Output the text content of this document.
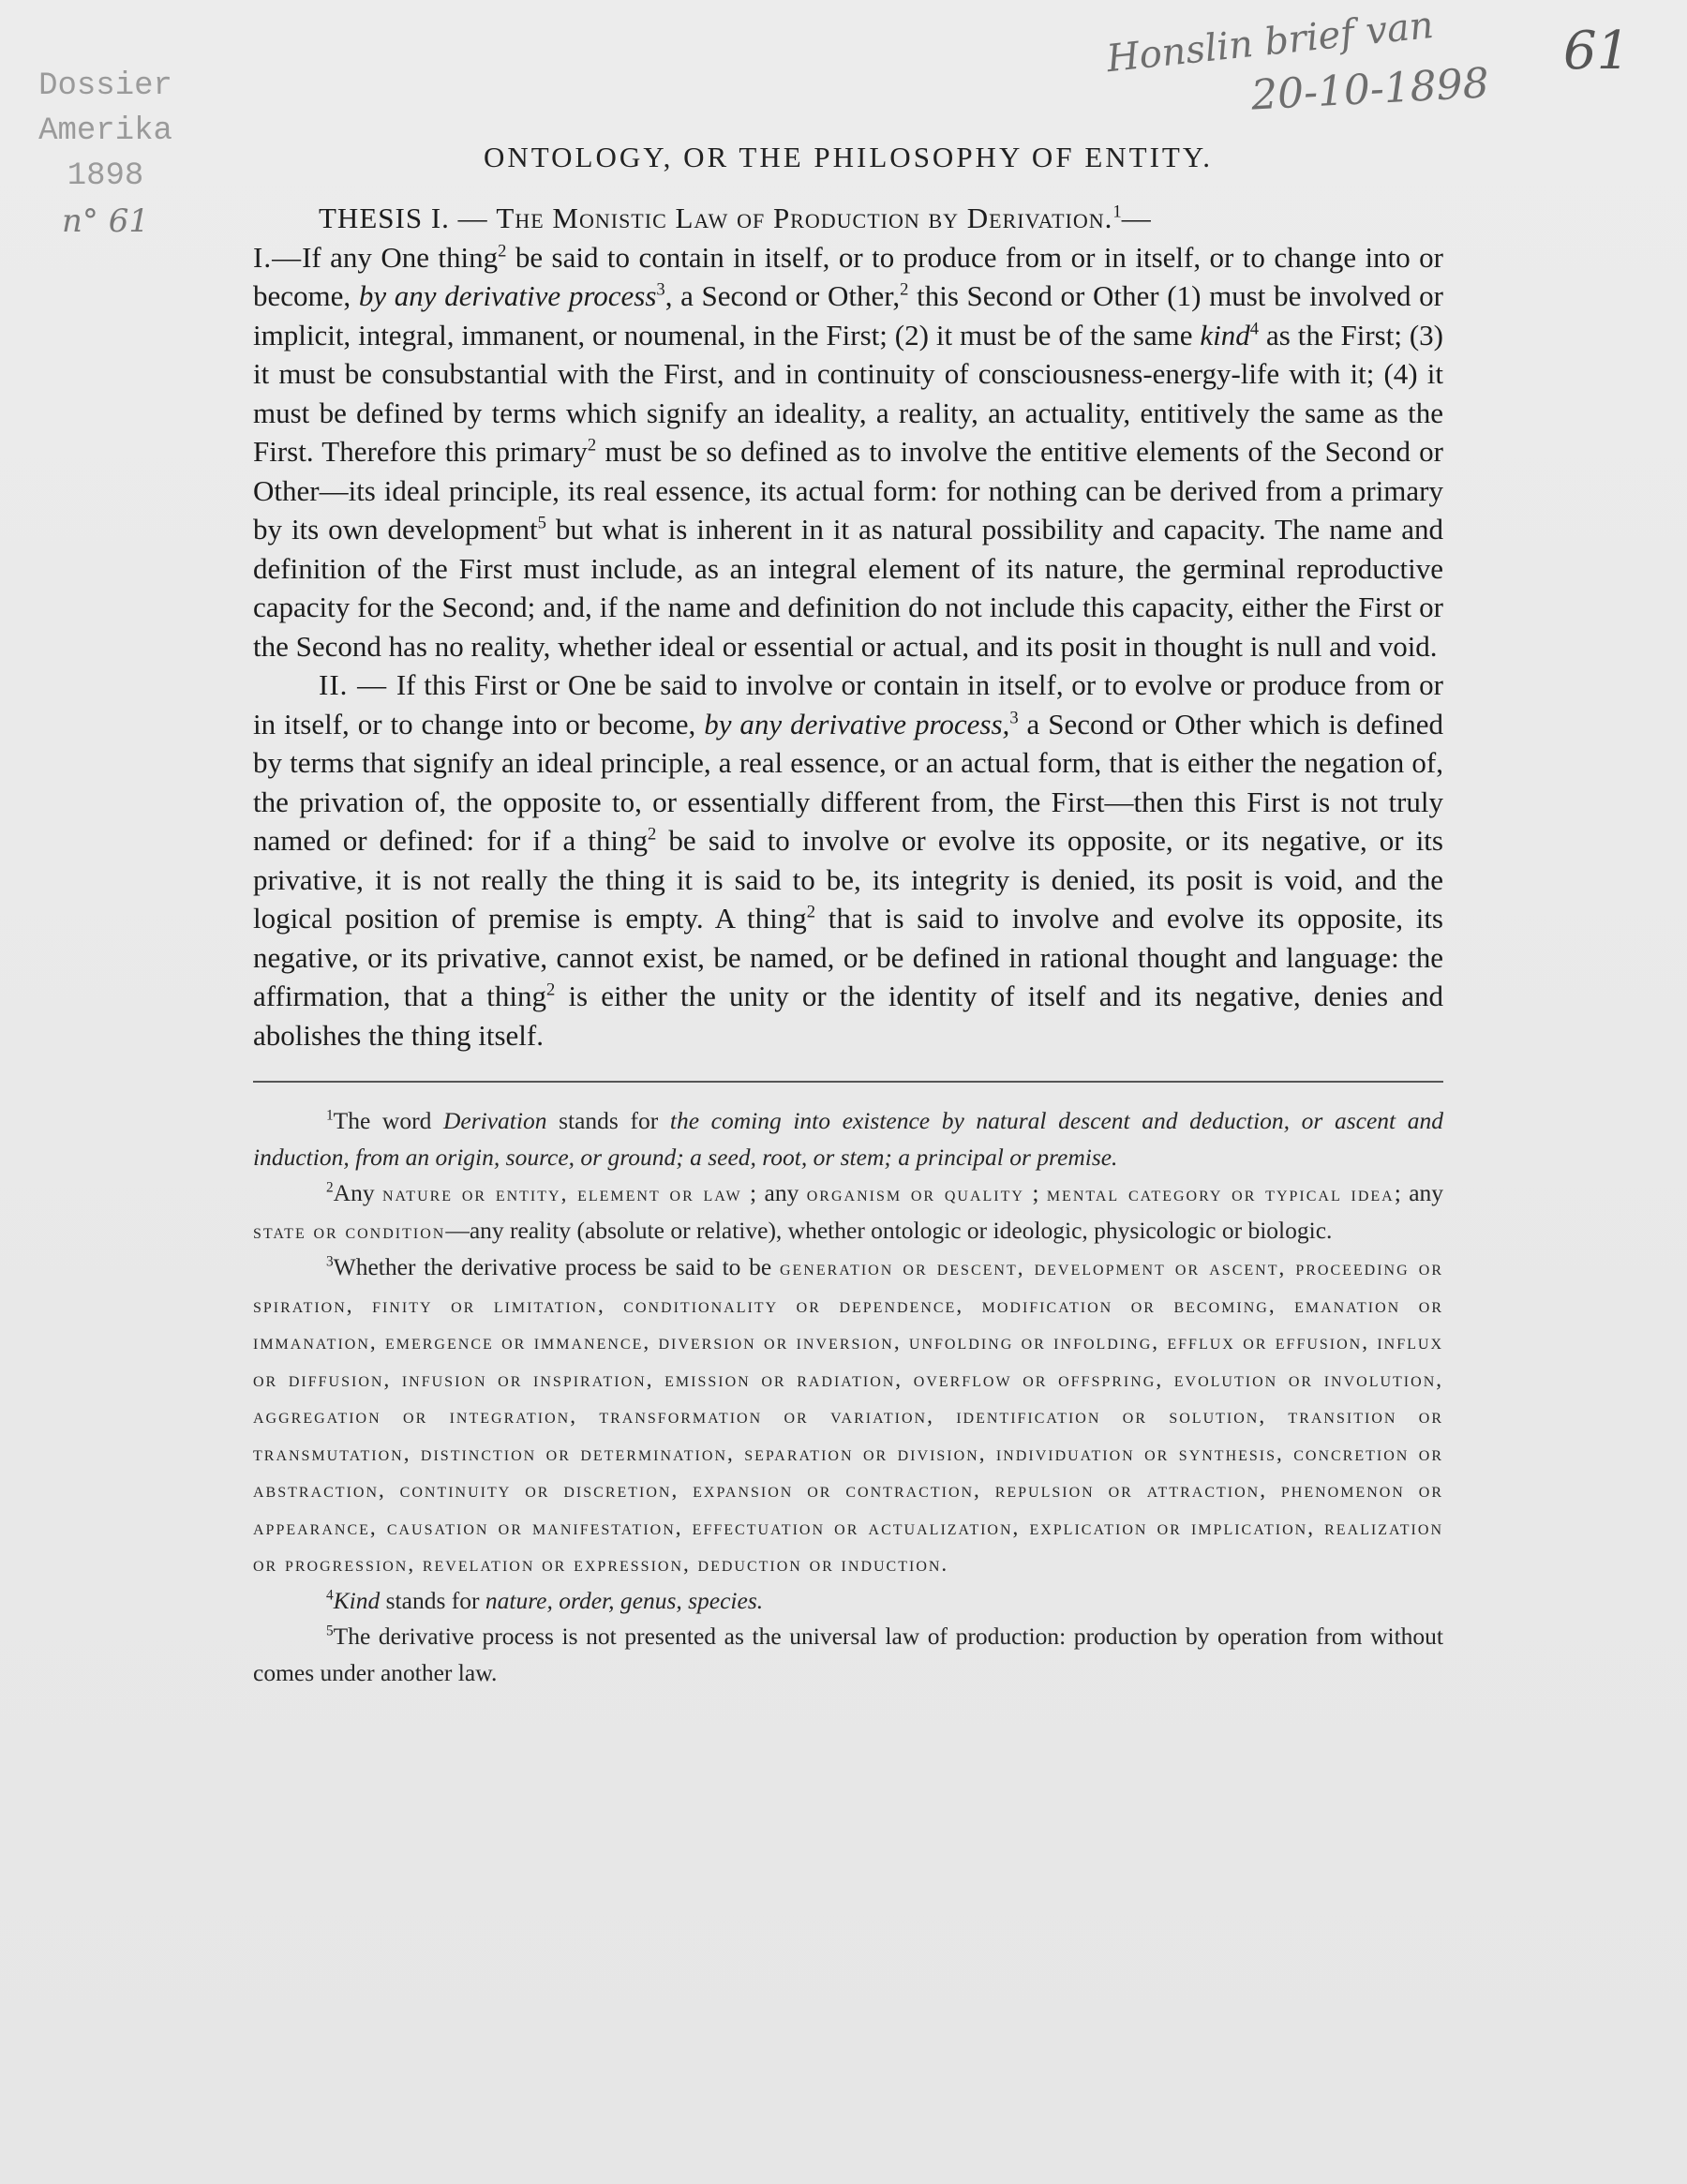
Dossier
Amerika
1898
n° 61
Honslin brief van
20-10-1898
61
ONTOLOGY, OR THE PHILOSOPHY OF ENTITY.

THESIS I. — The Monistic Law of Production by Derivation.$^1$—
I.—If any One thing$^2$ be said to contain in itself, or to produce from or in itself, or to change into or become, by any derivative process$^3$, a Second or Other,$^2$ this Second or Other (1) must be involved or implicit, integral, immanent, or noumenal, in the First; (2) it must be of the same kind$^4$ as the First; (3) it must be consubstantial with the First, and in continuity of consciousness-energy-life with it; (4) it must be defined by terms which signify an ideality, a reality, an actuality, entitively the same as the First. Therefore this primary$^2$ must be so defined as to involve the entitive elements of the Second or Other—its ideal principle, its real essence, its actual form: for nothing can be derived from a primary by its own development$^5$ but what is inherent in it as natural possibility and capacity. The name and definition of the First must include, as an integral element of its nature, the germinal reproductive capacity for the Second; and, if the name and definition do not include this capacity, either the First or the Second has no reality, whether ideal or essential or actual, and its posit in thought is null and void.

II. — If this First or One be said to involve or contain in itself, or to evolve or produce from or in itself, or to change into or become, by any derivative process,$^3$ a Second or Other which is defined by terms that signify an ideal principle, a real essence, or an actual form, that is either the negation of, the privation of, the opposite to, or essentially different from, the First—then this First is not truly named or defined: for if a thing$^2$ be said to involve or evolve its opposite, or its negative, or its privative, it is not really the thing it is said to be, its integrity is denied, its posit is void, and the logical position of premise is empty. A thing$^2$ that is said to involve and evolve its opposite, its negative, or its privative, cannot exist, be named, or be defined in rational thought and language: the affirmation, that a thing$^2$ is either the unity or the identity of itself and its negative, denies and abolishes the thing itself.

$^1$The word Derivation stands for the coming into existence by natural descent and deduction, or ascent and induction, from an origin, source, or ground; a seed, root, or stem; a principal or premise.

$^2$Any nature or entity, element or law ; any organism or quality ; mental category or typical idea; any state or condition—any reality (absolute or relative), whether ontologic or ideologic, physicologic or biologic.

$^3$Whether the derivative process be said to be generation or descent, development or ascent, proceeding or spiration, finity or limitation, conditionality or dependence, modification or becoming, emanation or immanation, emergence or immanence, diversion or inversion, unfolding or infolding, efflux or effusion, influx or diffusion, infusion or inspiration, emission or radiation, overflow or offspring, evolution or involution, aggregation or integration, transformation or variation, identification or solution, transition or transmutation, distinction or determination, separation or division, individuation or synthesis, concretion or abstraction, continuity or discretion, expansion or contraction, repulsion or attraction, phenomenon or appearance, causation or manifestation, effectuation or actualization, explication or implication, realization or progression, revelation or expression, deduction or induction.

$^4$Kind stands for nature, order, genus, species.

$^5$The derivative process is not presented as the universal law of production: production by operation from without comes under another law.
